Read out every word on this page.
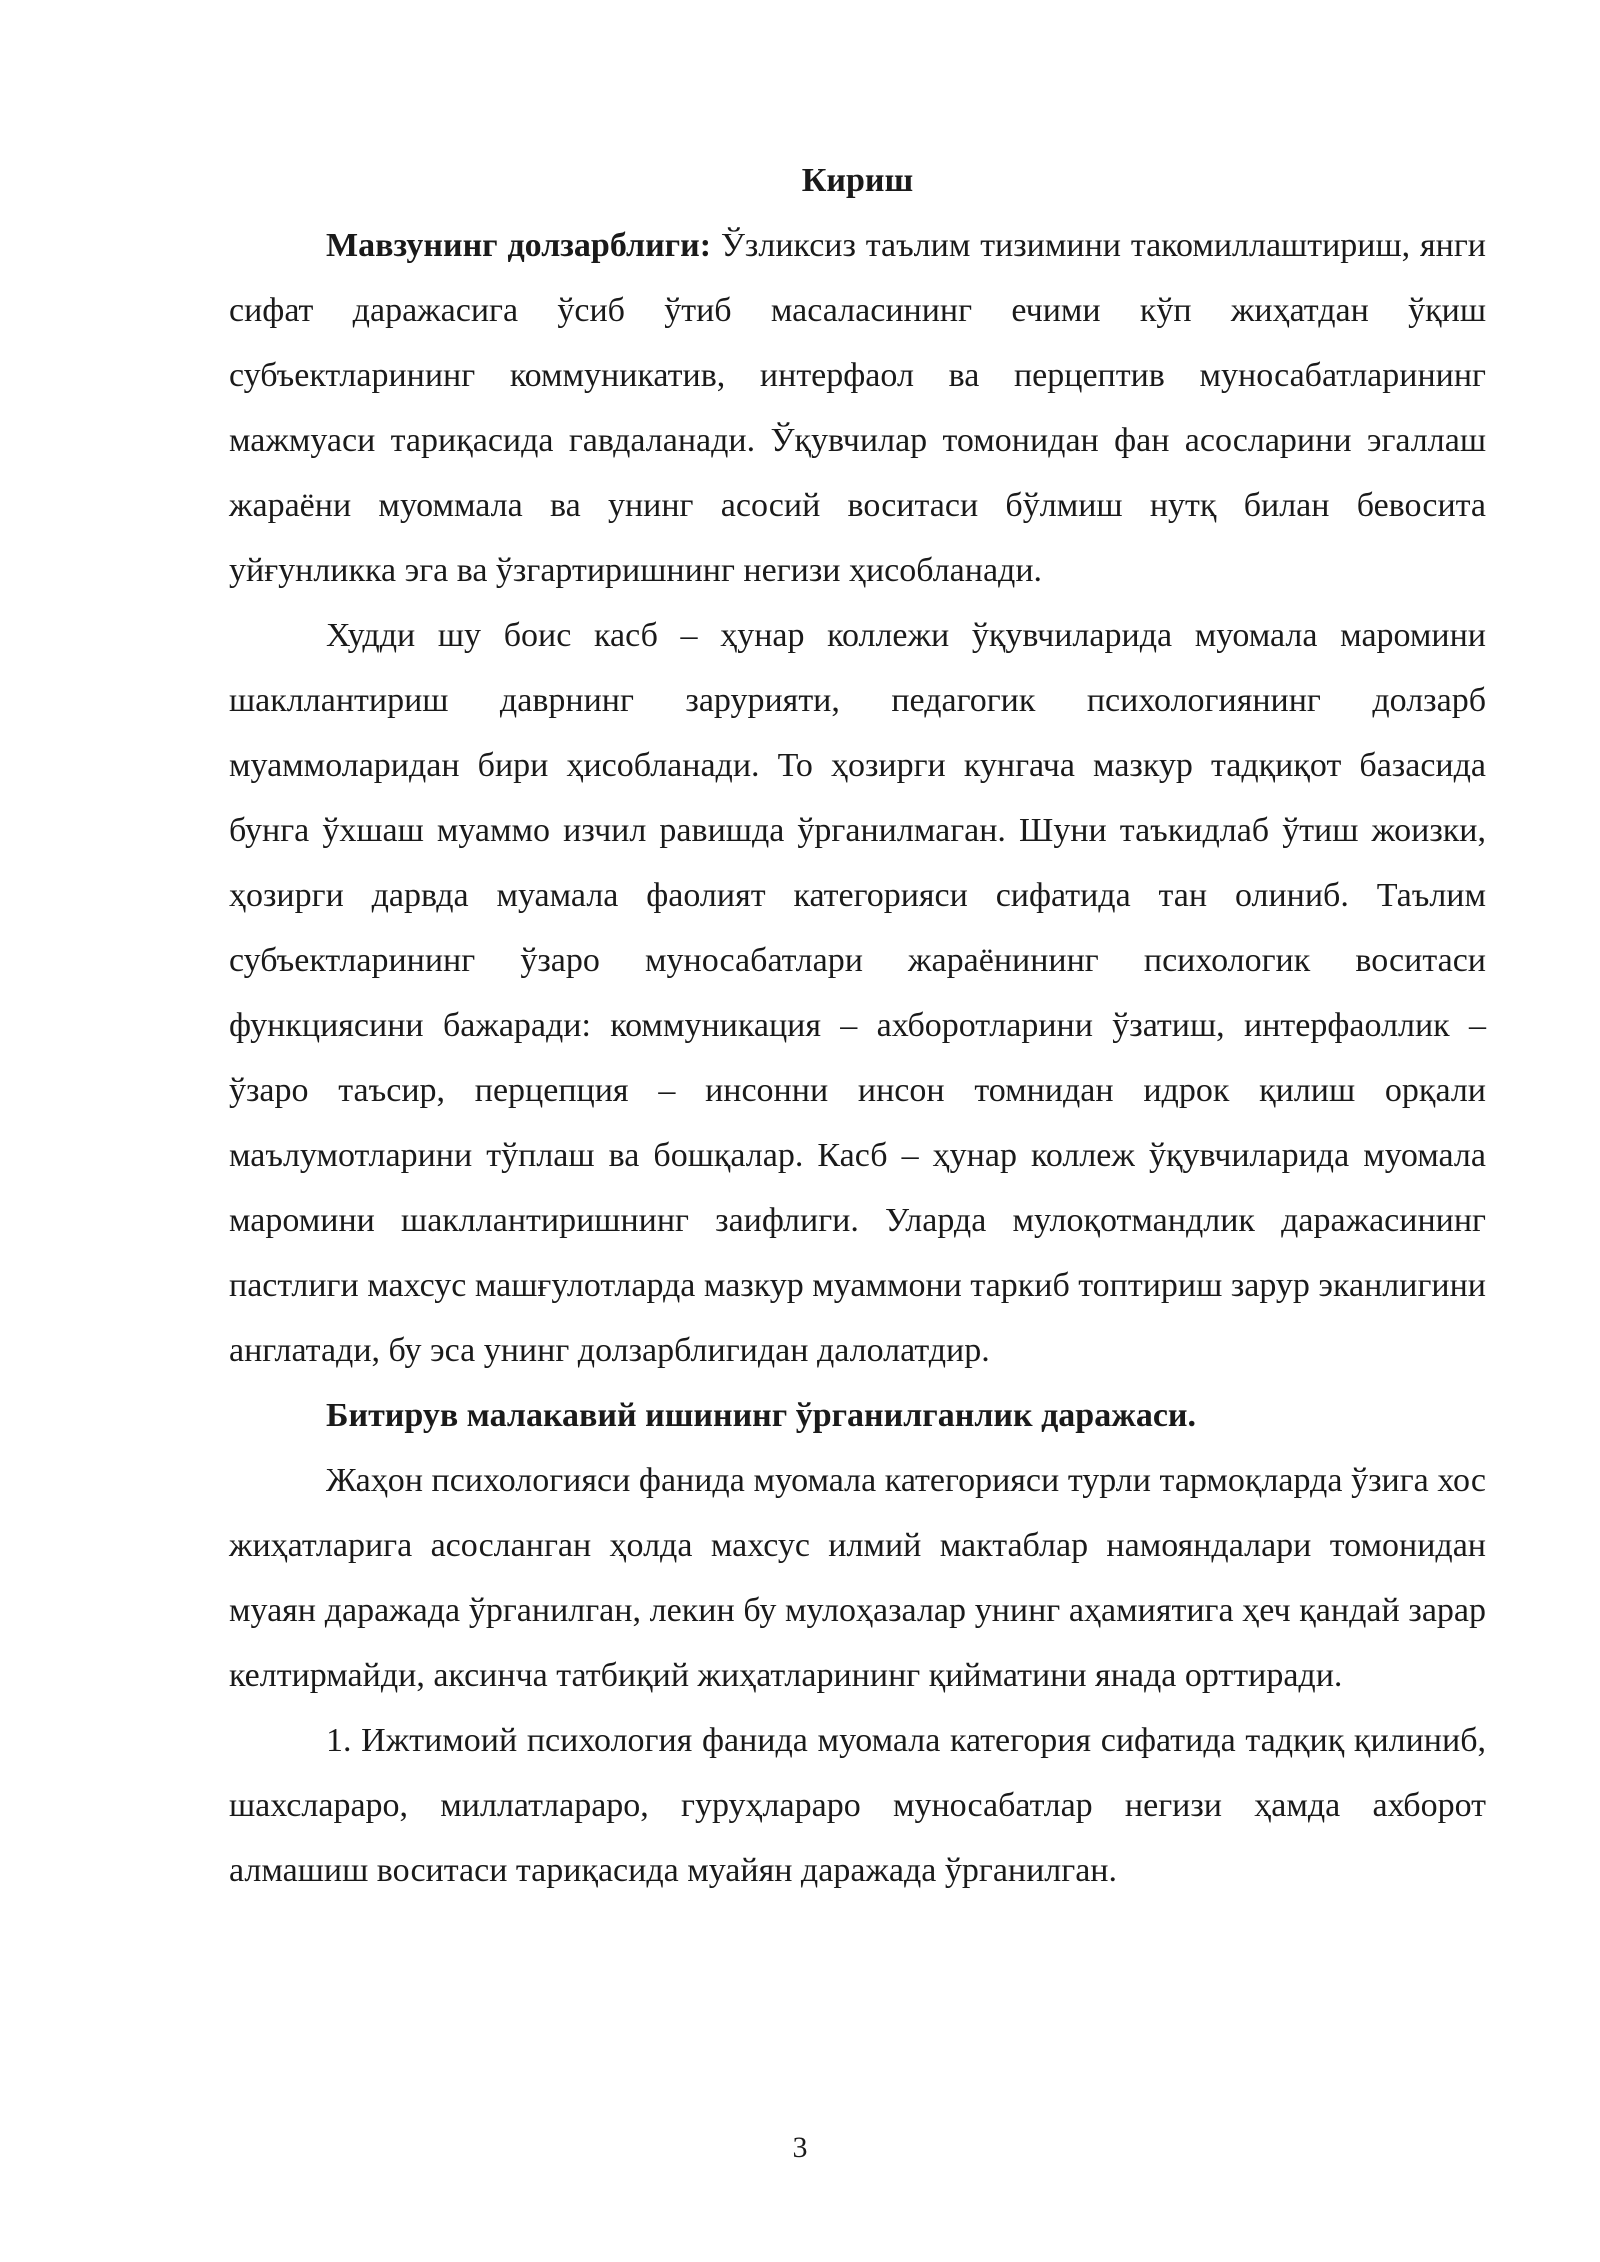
Кириш

Мавзунинг долзарблиги: Ўзликсиз таълим тизимини такомиллаштириш, янги сифат даражасига ўсиб ўтиб масаласининг ечими кўп жиҳатдан ўқиш субъектларининг коммуникатив, интерфаол ва перцептив муносабатларининг мажмуаси тариқасида гавдаланади. Ўқувчилар томонидан фан асосларини эгаллаш жараёни муоммала ва унинг асосий воситаси бўлмиш нутқ билан бевосита уйғунликка эга ва ўзгартиришнинг негизи ҳисобланади.

Худди шу боис касб – ҳунар коллежи ўқувчиларида муомала маромини шакллантириш даврнинг зарурияти, педагогик психологиянинг долзарб муаммоларидан бири ҳисобланади. То ҳозирги кунгача мазкур тадқиқот базасида бунга ўхшаш муаммо изчил равишда ўрганилмаган. Шуни таъкидлаб ўтиш жоизки, ҳозирги дарвда муамала фаолият категорияси сифатида тан олиниб. Таълим субъектларининг ўзаро муносабатлари жараёнининг психологик воситаси функциясини бажаради: коммуникация – ахборотларини ўзатиш, интерфаоллик – ўзаро таъсир, перцепция – инсонни инсон томнидан идрок қилиш орқали маълумотларини тўплаш ва бошқалар. Касб – ҳунар коллеж ўқувчиларида муомала маромини шакллантиришнинг заифлиги. Уларда мулоқотмандлик даражасининг пастлиги махсус машғулотларда мазкур муаммони таркиб топтириш зарур эканлигини англатади, бу эса унинг долзарблигидан далолатдир.

Битирув малакавий ишининг ўрганилганлик даражаси.

Жаҳон психологияси фанида муомала категорияси турли тармоқларда ўзига хос жиҳатларига асосланган ҳолда махсус илмий мактаблар намояндалари томонидан муаян даражада ўрганилган, лекин бу мулоҳазалар унинг аҳамиятига ҳеч қандай зарар келтирмайди, аксинча татбиқий жиҳатларининг қийматини янада орттиради.

1. Ижтимоий психология фанида муомала категория сифатида тадқиқ қилиниб, шахслараро, миллатлараро, гуруҳлараро муносабатлар негизи ҳамда ахборот алмашиш воситаси тариқасида муайян даражада ўрганилган.

3
